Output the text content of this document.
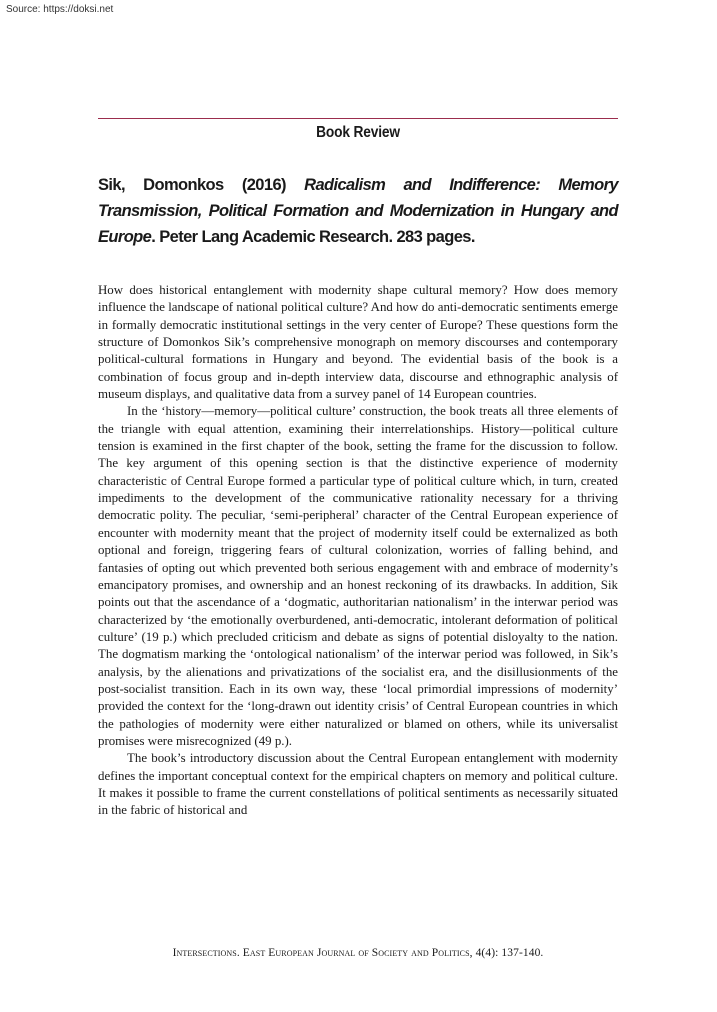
Source: https://doksi.net
Book Review
Sik, Domonkos (2016) Radicalism and Indifference: Memory Transmission, Political Formation and Modernization in Hungary and Europe. Peter Lang Academic Research. 283 pages.

How does historical entanglement with modernity shape cultural memory? How does memory influence the landscape of national political culture? And how do anti-democratic sentiments emerge in formally democratic institutional settings in the very center of Europe? These questions form the structure of Domonkos Sik’s comprehensive monograph on memory discourses and contemporary political-cultural formations in Hungary and beyond. The evidential basis of the book is a combination of focus group and in-depth interview data, discourse and ethnographic analysis of museum displays, and qualitative data from a survey panel of 14 European countries.

In the ‘history—memory—political culture’ construction, the book treats all three elements of the triangle with equal attention, examining their interrelationships. History—political culture tension is examined in the first chapter of the book, setting the frame for the discussion to follow. The key argument of this opening section is that the distinctive experience of modernity characteristic of Central Europe formed a particular type of political culture which, in turn, created impediments to the development of the communicative rationality necessary for a thriving democratic polity. The peculiar, ‘semi-peripheral’ character of the Central European experience of encounter with modernity meant that the project of modernity itself could be externalized as both optional and foreign, triggering fears of cultural colonization, worries of falling behind, and fantasies of opting out which prevented both serious engagement with and embrace of modernity’s emancipatory promises, and ownership and an honest reckoning of its drawbacks. In addition, Sik points out that the ascendance of a ‘dogmatic, authoritarian nationalism’ in the interwar period was characterized by ‘the emotionally overburdened, anti-democratic, intolerant deformation of political culture’ (19 p.) which precluded criticism and debate as signs of potential disloyalty to the nation. The dogmatism marking the ‘ontological nationalism’ of the interwar period was followed, in Sik’s analysis, by the alienations and privatizations of the socialist era, and the disillusionments of the post-socialist transition. Each in its own way, these ‘local primordial impressions of modernity’ provided the context for the ‘long-drawn out identity crisis’ of Central European countries in which the pathologies of modernity were either naturalized or blamed on others, while its universalist promises were misrecognized (49 p.).

The book’s introductory discussion about the Central European entanglement with modernity defines the important conceptual context for the empirical chapters on memory and political culture. It makes it possible to frame the current constellations of political sentiments as necessarily situated in the fabric of historical and

Intersections. East European Journal of Society and Politics, 4(4): 137-140.
